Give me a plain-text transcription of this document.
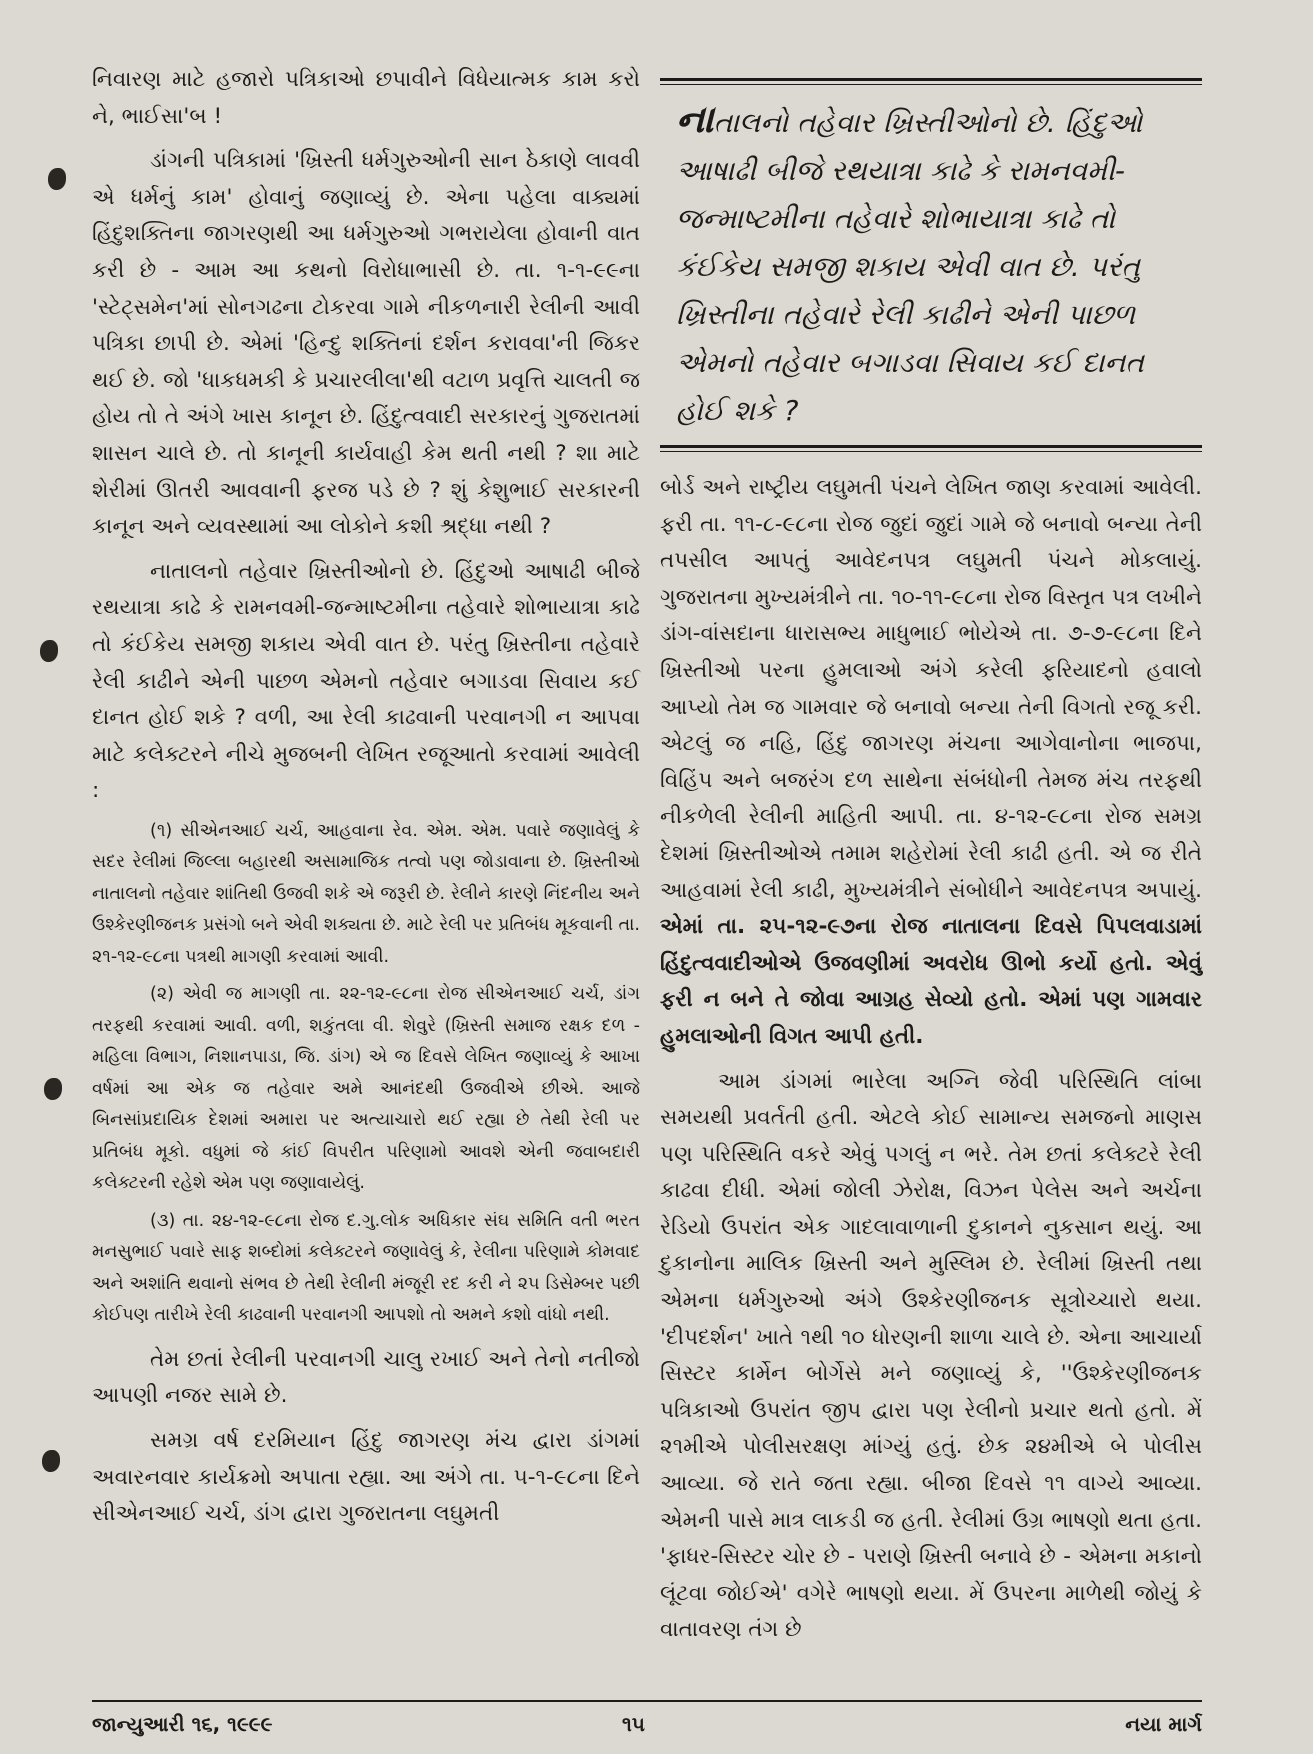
નિવારણ માટે હજારો પત્રિકાઓ છપાવીને વિધેયાત્મક કામ કરો ને, ભાઈસા'બ !

ડાંગની પત્રિકામાં 'ખ્રિસ્તી ધર્મગુરુઓની સાન ઠેકાણે લાવવી એ ધર્મનું કામ' હોવાનું જણાવ્યું છે. એના પહેલા વાક્યમાં હિંદુશક્તિના જાગરણથી આ ધર્મગુરુઓ ગભરાયેલા હોવાની વાત કરી છે - આમ આ કથનો વિરોધાભાસી છે. તા. ૧-૧-૯૯ના 'સ્ટેટ્સમેન'માં સોનગઢના ટોકરવા ગામે નીકળનારી રેલીની આવી પત્રિકા છાપી છે. એમાં 'હિન્દુ શક્તિનાં દર્શન કરાવવા'ની જિકર થઈ છે. જો 'ધાકધમકી કે પ્રચારલીલા'થી વટાળ પ્રવૃત્તિ ચાલતી જ હોય તો તે અંગે ખાસ કાનૂન છે. હિંદુત્વવાદી સરકારનું ગુજરાતમાં શાસન ચાલે છે. તો કાનૂની કાર્યવાહી કેમ થતી નથી ? શા માટે શેરીમાં ઊતરી આવવાની ફરજ પડે છે ? શું કેશુભાઈ સરકારની કાનૂન અને વ્યવસ્થામાં આ લોકોને કશી શ્રદ્ધા નથી ?

નાતાલનો તહેવાર ખ્રિસ્તીઓનો છે. હિંદુઓ આષાઢી બીજે રથયાત્રા કાઢે કે રામનવમી-જન્માષ્ટમીના તહેવારે શોભાયાત્રા કાઢે તો કંઈકેય સમજી શકાય એવી વાત છે. પરંતુ ખ્રિસ્તીના તહેવારે રેલી કાઢીને એની પાછળ એમનો તહેવાર બગાડવા સિવાય કઈ દાનત હોઈ શકે ? વળી, આ રેલી કાઢવાની પરવાનગી ન આપવા માટે કલેક્ટરને નીચે મુજબની લેખિત રજૂઆતો કરવામાં આવેલી :

(૧) સીએનઆઈ ચર્ચ, આહવાના રેવ. એમ. એમ. પવારે જણાવેલું કે સદર રેલીમાં જિલ્લા બહારથી અસામાજિક તત્વો પણ જોડાવાના છે. ખ્રિસ્તીઓ નાતાલનો તહેવાર શાંતિથી ઉજવી શકે એ જરૂરી છે. રેલીને કારણે નિંદનીય અને ઉશ્કેરણીજનક પ્રસંગો બને એવી શક્યતા છે. માટે રેલી પર પ્રતિબંધ મૂકવાની તા. ૨૧-૧૨-૯૮ના પત્રથી માગણી કરવામાં આવી.

(૨) એવી જ માગણી તા. ૨૨-૧૨-૯૮ના રોજ સીએનઆઈ ચર્ચ, ડાંગ તરફથી કરવામાં આવી. વળી, શકુંતલા વી. શેવુરે (ખ્રિસ્તી સમાજ રક્ષક દળ - મહિલા વિભાગ, નિશાનપાડા, જિ. ડાંગ) એ જ દિવસે લેખિત જણાવ્યું કે આખા વર્ષમાં આ એક જ તહેવાર અમે આનંદથી ઉજવીએ છીએ. આજે બિનસાંપ્રદાયિક દેશમાં અમારા પર અત્યાચારો થઈ રહ્યા છે તેથી રેલી પર પ્રતિબંધ મૂકો. વધુમાં જે કાંઈ વિપરીત પરિણામો આવશે એની જવાબદારી કલેક્ટરની રહેશે એમ પણ જણાવાયેલું.

(૩) તા. ૨૪-૧૨-૯૮ના રોજ દ.ગુ.લોક અધિકાર સંઘ સમિતિ વતી ભરત મનસુભાઈ પવારે સાફ શબ્દોમાં કલેક્ટરને જણાવેલું કે, રેલીના પરિણામે કોમવાદ અને અશાંતિ થવાનો સંભવ છે તેથી રેલીની મંજૂરી રદ કરી ને ૨૫ ડિસેમ્બર પછી કોઈપણ તારીખે રેલી કાઢવાની પરવાનગી આપશો તો અમને કશો વાંધો નથી.

તેમ છતાં રેલીની પરવાનગી ચાલુ રખાઈ અને તેનો નતીજો આપણી નજર સામે છે.

સમગ્ર વર્ષ દરમિયાન હિંદુ જાગરણ મંચ દ્વારા ડાંગમાં અવારનવાર કાર્યક્રમો અપાતા રહ્યા. આ અંગે તા. ૫-૧-૯૮ના દિને સીએનઆઈ ચર્ચ, ડાંગ દ્વારા ગુજરાતના લઘુમતી

નાતાલનો તહેવાર ખ્રિસ્તીઓનો છે. હિંદુઓ આષાઢી બીજે રથયાત્રા કાઢે કે રામનવમી-જન્માષ્ટમીના તહેવારે શોભાયાત્રા કાઢે તો કંઈકેય સમજી શકાય એવી વાત છે. પરંતુ ખ્રિસ્તીના તહેવારે રેલી કાઢીને એની પાછળ એમનો તહેવાર બગાડવા સિવાય કઈ દાનત હોઈ શકે ?

બોર્ડ અને રાષ્ટ્રીય લઘુમતી પંચને લેખિત જાણ કરવામાં આવેલી. ફરી તા. ૧૧-૮-૯૮ના રોજ જુદાં જુદાં ગામે જે બનાવો બન્યા તેની તપસીલ આપતું આવેદનપત્ર લઘુમતી પંચને મોકલાયું. ગુજરાતના મુખ્યમંત્રીને તા. ૧૦-૧૧-૯૮ના રોજ વિસ્તૃત પત્ર લખીને ડાંગ-વાંસદાના ધારાસભ્ય માધુભાઈ ભોયેએ તા. ૭-૭-૯૮ના દિને ખ્રિસ્તીઓ પરના હુમલાઓ અંગે કરેલી ફરિયાદનો હવાલો આપ્યો તેમ જ ગામવાર જે બનાવો બન્યા તેની વિગતો રજૂ કરી. એટલું જ નહિ, હિંદુ જાગરણ મંચના આગેવાનોના ભાજપા, વિહિંપ અને બજરંગ દળ સાથેના સંબંધોની તેમજ મંચ તરફથી નીકળેલી રેલીની માહિતી આપી. તા. ૪-૧૨-૯૮ના રોજ સમગ્ર દેશમાં ખ્રિસ્તીઓએ તમામ શહેરોમાં રેલી કાઢી હતી. એ જ રીતે આહવામાં રેલી કાઢી, મુખ્યમંત્રીને સંબોધીને આવેદનપત્ર અપાયું. એમાં તા. ૨૫-૧૨-૯૭ના રોજ નાતાલના દિવસે પિપલવાડામાં હિંદુત્વવાદીઓએ ઉજવણીમાં અવરોધ ઊભો કર્યો હતો. એવું ફરી ન બને તે જોવા આગ્રહ સેવ્યો હતો. એમાં પણ ગામવાર હુમલાઓની વિગત આપી હતી.

આમ ડાંગમાં ભારેલા અગ્નિ જેવી પરિસ્થિતિ લાંબા સમયથી પ્રવર્તતી હતી. એટલે કોઈ સામાન્ય સમજનો માણસ પણ પરિસ્થિતિ વકરે એવું પગલું ન ભરે. તેમ છતાં કલેક્ટરે રેલી કાઢવા દીધી. એમાં જોલી ઝેરોક્ષ, વિઝન પેલેસ અને અર્ચના રેડિયો ઉપરાંત એક ગાદલાવાળાની દુકાનને નુકસાન થયું. આ દુકાનોના માલિક ખ્રિસ્તી અને મુસ્લિમ છે. રેલીમાં ખ્રિસ્તી તથા એમના ધર્મગુરુઓ અંગે ઉશ્કેરણીજનક સૂત્રોચ્ચારો થયા. 'દીપદર્શન' ખાતે ૧થી ૧૦ ધોરણની શાળા ચાલે છે. એના આચાર્યા સિસ્ટર કાર્મેન બોર્ગેસે મને જણાવ્યું કે, ''ઉશ્કેરણીજનક પત્રિકાઓ ઉપરાંત જીપ દ્વારા પણ રેલીનો પ્રચાર થતો હતો. મેં ૨૧મીએ પોલીસરક્ષણ માંગ્યું હતું. છેક ૨૪મીએ બે પોલીસ આવ્યા. જે રાતે જતા રહ્યા. બીજા દિવસે ૧૧ વાગ્યે આવ્યા. એમની પાસે માત્ર લાકડી જ હતી. રેલીમાં ઉગ્ર ભાષણો થતા હતા. 'ફાધર-સિસ્ટર ચોર છે - પરાણે ખ્રિસ્તી બનાવે છે - એમના મકાનો લૂંટવા જોઈએ' વગેરે ભાષણો થયા. મેં ઉપરના માળેથી જોયું કે વાતાવરણ તંગ છે

જાન્યુઆરી ૧૬, ૧૯૯૯	૧૫	નયા માર્ગ
